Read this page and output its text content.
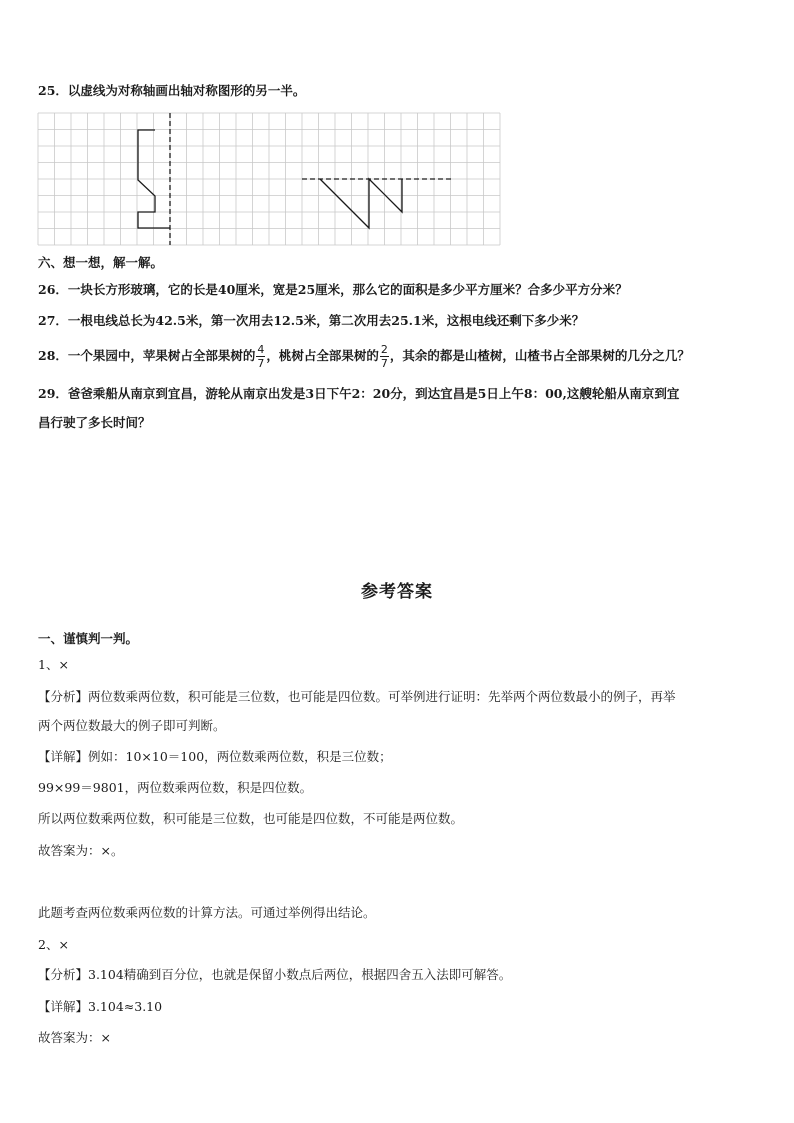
25．以虚线为对称轴画出轴对称图形的另一半。
六、想一想，解一解。
26．一块长方形玻璃，它的长是40厘米，宽是25厘米，那么它的面积是多少平方厘米？合多少平方分米？
27．一根电线总长为42.5米，第一次用去12.5米，第二次用去25.1米，这根电线还剩下多少米？
28．一个果园中，苹果树占全部果树的 $\frac{4}{7}$ ，桃树占全部果树的 $\frac{2}{7}$ ，其余的都是山楂树，山楂书占全部果树的几分之几？
29．爸爸乘船从南京到宜昌，游轮从南京出发是3日下午2：20分，到达宜昌是5日上午8：00,这艘轮船从南京到宜
昌行驶了多长时间？
参考答案
一、谨慎判一判。
1、×
【分析】两位数乘两位数，积可能是三位数，也可能是四位数。可举例进行证明：先举两个两位数最小的例子，再举
两个两位数最大的例子即可判断。
【详解】例如：10×10＝100，两位数乘两位数，积是三位数；
99×99＝9801，两位数乘两位数，积是四位数。
所以两位数乘两位数，积可能是三位数，也可能是四位数，不可能是两位数。
故答案为：×。
此题考查两位数乘两位数的计算方法。可通过举例得出结论。
2、×
【分析】3.104精确到百分位，也就是保留小数点后两位，根据四舍五入法即可解答。
【详解】3.104≈3.10
故答案为：×
